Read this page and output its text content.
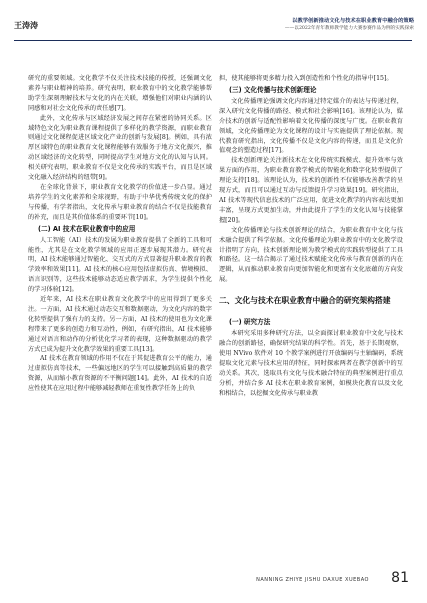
王涛涛	以教学创新推动文化与技术在职业教育中融合的策略
——以2022年青年教师教学能力大赛参赛作品为例的实践探索

研究的重要领域。文化教学不仅关注技术技能的传授，还强调文化素养与职业精神的培养。研究表明，职业教育中的文化教学能够帮助学生深刻理解技术与文化的内在关联，增强他们对职业内涵的认同感和对社会文化传承的责任感[7]。

此外，文化传承与区域经济发展之间存在紧密的协同关系。区域特色文化为职业教育课程提供了多样化的教学资源，而职业教育则通过文化课程促进区域文化产业的创新与发展[8]。例如，具有浓厚区域特色的职业教育文化课程能够有效服务于地方文化振兴，推动区域经济的文化转型，同时提高学生对地方文化的认知与认同。相关研究表明，职业教育不仅是文化传承的实践平台，而且是区域文化融入经济结构的纽带[9]。

在全球化背景下，职业教育文化教学的价值进一步凸显。通过培养学生的文化素养和全球视野，有助于中华优秀传统文化的保护与传播，有学者指出，文化传承与职业教育的结合不仅是技能教育的补充，而且是其价值体系的重要环节[10]。

(二) AI 技术在职业教育中的应用

人工智能（AI）技术的发展为职业教育提供了全新的工具和可能性，尤其是在文化教学领域的应用正逐步展现其潜力。研究表明，AI 技术能够通过智能化、交互式的方式显著提升职业教育的教学效率和效果[11]。AI 技术的核心应用包括虚拟仿真、情境模拟、语言识别等，这些技术能够动态适应教学需求，为学生提供个性化的学习体验[12]。

近年来，AI 技术在职业教育文化教学中的应用得到了更多关注。一方面，AI 技术通过动态交互和数据驱动，为文化内容的数字化转型提供了强有力的支持。另一方面，AI 技术的使用也为文化课程带来了更多的创造力和互动性，例如，有研究指出，AI 技术能够通过对语言和动作的分析优化学习者的表现，这种数据驱动的教学方式已成为提升文化教学效果的重要工具[13]。

AI 技术在教育领域的作用不仅在于其促进教育公平的能力，通过虚拟仿真等技术，一些偏远地区的学生可以接触到高质量的教学资源，从而缩小教育资源的不平衡问题[14]。此外，AI 技术的自适应性使其在应用过程中能够减轻教师在重复性教学任务上的负

担，使其能够将更多精力投入到创造性和个性化的指导中[15]。

(三) 文化传播与技术创新理论

文化传播理论强调文化内容通过特定媒介的表达与传递过程，深入研究文化传播的路径、模式和社会影响[16]。该理论认为，媒介技术的创新与适配性影响着文化传播的深度与广度。在职业教育领域，文化传播理论为文化课程的设计与实施提供了理论依据。现代教育研究指出，文化传播不仅是文化内容的传递，而且是文化价值观念的塑造过程[17]。

技术创新理论关注新技术在文化传统实践模式、提升效率与效果方面的作用，为职业教育教学模式的智能化和数字化转型提供了理论支持[18]。该理论认为，技术的创新性不仅能够改善教学的呈现方式，而且可以通过互动与反馈提升学习效果[19]。研究指出，AI 技术等现代信息技术的广泛应用，促进文化教学的内容表达更加丰富，呈现方式更加生动，并由此提升了学生的文化认知与技能掌握[20]。

文化传播理论与技术创新理论的结合，为职业教育中文化与技术融合提供了科学依据。文化传播理论为职业教育中的文化教学设计指明了方向，技术创新理论则为教学模式的实践转型提供了工具和路径。这一结合揭示了通过技术赋能文化传承与教育创新的内在逻辑，从而推动职业教育向更加智能化和更富有文化底蕴的方向发展。

二、文化与技术在职业教育中融合的研究架构搭建
(一) 研究方法

本研究采用多种研究方法，以全面探讨职业教育中文化与技术融合的创新路径，确保研究结果的科学性。首先，基于长期观察，使用 NVivo 软件对 10 个教学案例进行开放编码与主轴编码，系统提取文化元素与技术应用的特征，同时探索两者在教学创新中的互动关系。其次，选取具有文化与技术融合特征的典型案例进行重点分析，并结合多 AI 技术在职业教育案例，如模块化教育以及文化和相结合，以挖掘文化传承与职业教

NANNING ZHIYE JISHU DAXUE XUEBAO 81
